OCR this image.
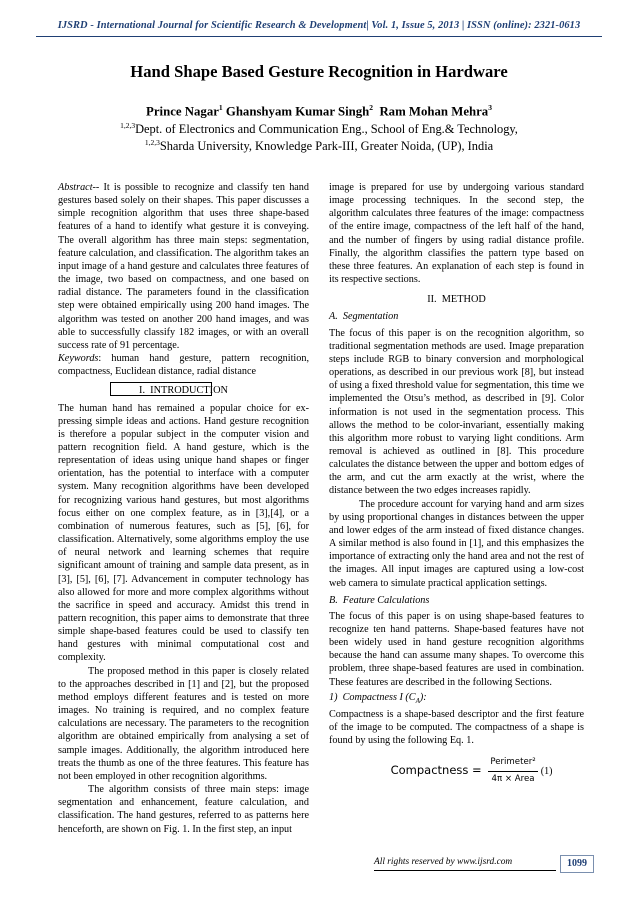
IJSRD - International Journal for Scientific Research & Development| Vol. 1, Issue 5, 2013 | ISSN (online): 2321-0613
Hand Shape Based Gesture Recognition in Hardware
Prince Nagar$^1$ Ghanshyam Kumar Singh$^2$ Ram Mohan Mehra$^3$
$^{1,2,3}$Dept. of Electronics and Communication Eng., School of Eng.& Technology,
$^{1,2,3}$Sharda University, Knowledge Park-III, Greater Noida, (UP), India

Abstract-- It is possible to recognize and classify ten hand gestures based solely on their shapes. This paper discusses a simple recognition algorithm that uses three shape-based features of a hand to identify what gesture it is conveying. The overall algorithm has three main steps: segmentation, feature calculation, and classification. The algorithm takes an input image of a hand gesture and calculates three features of the image, two based on compactness, and one based on radial distance. The parameters found in the classification step were obtained empirically using 200 hand images. The algorithm was tested on another 200 hand images, and was able to successfully classify 182 images, or with an overall success rate of 91 percentage.

Keywords: human hand gesture, pattern recognition, compactness, Euclidean distance, radial distance

I.  INTRODUCTION

The human hand has remained a popular choice for ex-pressing simple ideas and actions. Hand gesture recognition is therefore a popular subject in the computer vision and pattern recognition field. A hand gesture, which is the representation of ideas using unique hand shapes or finger orientation, has the potential to interface with a computer system. Many recognition algorithms have been developed for recognizing various hand gestures, but most algorithms focus either on one complex feature, as in [3],[4], or a combination of numerous features, such as [5], [6], for classification. Alternatively, some algorithms employ the use of neural network and learning schemes that require significant amount of training and sample data present, as in [3], [5], [6], [7]. Advancement in computer technology has also allowed for more and more complex algorithms without the sacrifice in speed and accuracy. Amidst this trend in pattern recognition, this paper aims to demonstrate that three simple shape-based features could be used to classify ten hand gestures with minimal computational cost and complexity.

The proposed method in this paper is closely related to the approaches described in [1] and [2], but the proposed method employs different features and is tested on more images. No training is required, and no complex feature calculations are necessary. The parameters to the recognition algorithm are obtained empirically from analysing a set of sample images. Additionally, the algorithm introduced here treats the thumb as one of the three features. This feature has not been employed in other recognition algorithms.

The algorithm consists of three main steps: image segmentation and enhancement, feature calculation, and classification. The hand gestures, referred to as patterns here henceforth, are shown on Fig. 1. In the first step, an input

image is prepared for use by undergoing various standard image processing techniques. In the second step, the algorithm calculates three features of the image: compactness of the entire image, compactness of the left half of the hand, and the number of fingers by using radial distance profile. Finally, the algorithm classifies the pattern type based on these three features. An explanation of each step is found in its respective sections.

II.  METHOD
A.  Segmentation

The focus of this paper is on the recognition algorithm, so traditional segmentation methods are used. Image preparation steps include RGB to binary conversion and morphological operations, as described in our previous work [8], but instead of using a fixed threshold value for segmentation, this time we implemented the Otsu’s method, as described in [9]. Color information is not used in the segmentation process. This allows the method to be color-invariant, essentially making this algorithm more robust to varying light conditions. Arm removal is achieved as outlined in [8]. This procedure calculates the distance between the upper and bottom edges of the arm, and cut the arm exactly at the wrist, where the distance between the two edges increases rapidly.

The procedure account for varying hand and arm sizes by using proportional changes in distances between the upper and lower edges of the arm instead of fixed distance changes. A similar method is also found in [1], and this emphasizes the importance of extracting only the hand area and not the rest of the images. All input images are captured using a low-cost web camera to simulate practical application settings.

B.  Feature Calculations

The focus of this paper is on using shape-based features to recognize ten hand patterns. Shape-based features have not been widely used in hand gesture recognition algorithms because the hand can assume many shapes. To overcome this problem, three shape-based features are used in combination. These features are described in the following Sections.

1)  Compactness I $(C_A)$:

Compactness is a shape-based descriptor and the first feature of the image to be computed. The compactness of a shape is found by using the following Eq. 1.

Compactness = $\frac{\text{Perimeter²}}{\text{4π × Area}} (1)$
All rights reserved by www.ijsrd.com	1099
